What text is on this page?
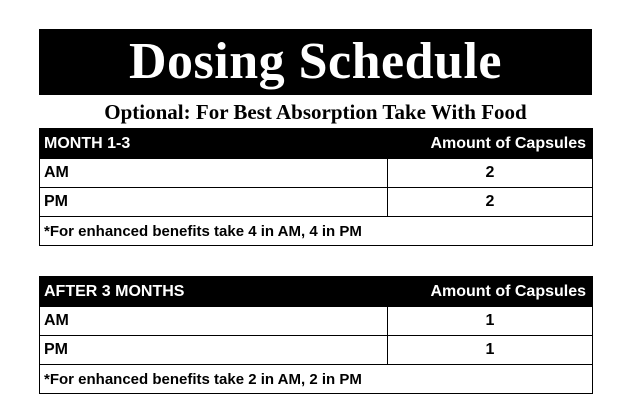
Dosing Schedule
Optional: For Best Absorption Take With Food
MONTH 1-3	Amount of Capsules
AM	2
PM	2
*For enhanced benefits take 4 in AM, 4 in PM	
AFTER 3 MONTHS	Amount of Capsules
AM	1
PM	1
*For enhanced benefits take 2 in AM, 2 in PM	
